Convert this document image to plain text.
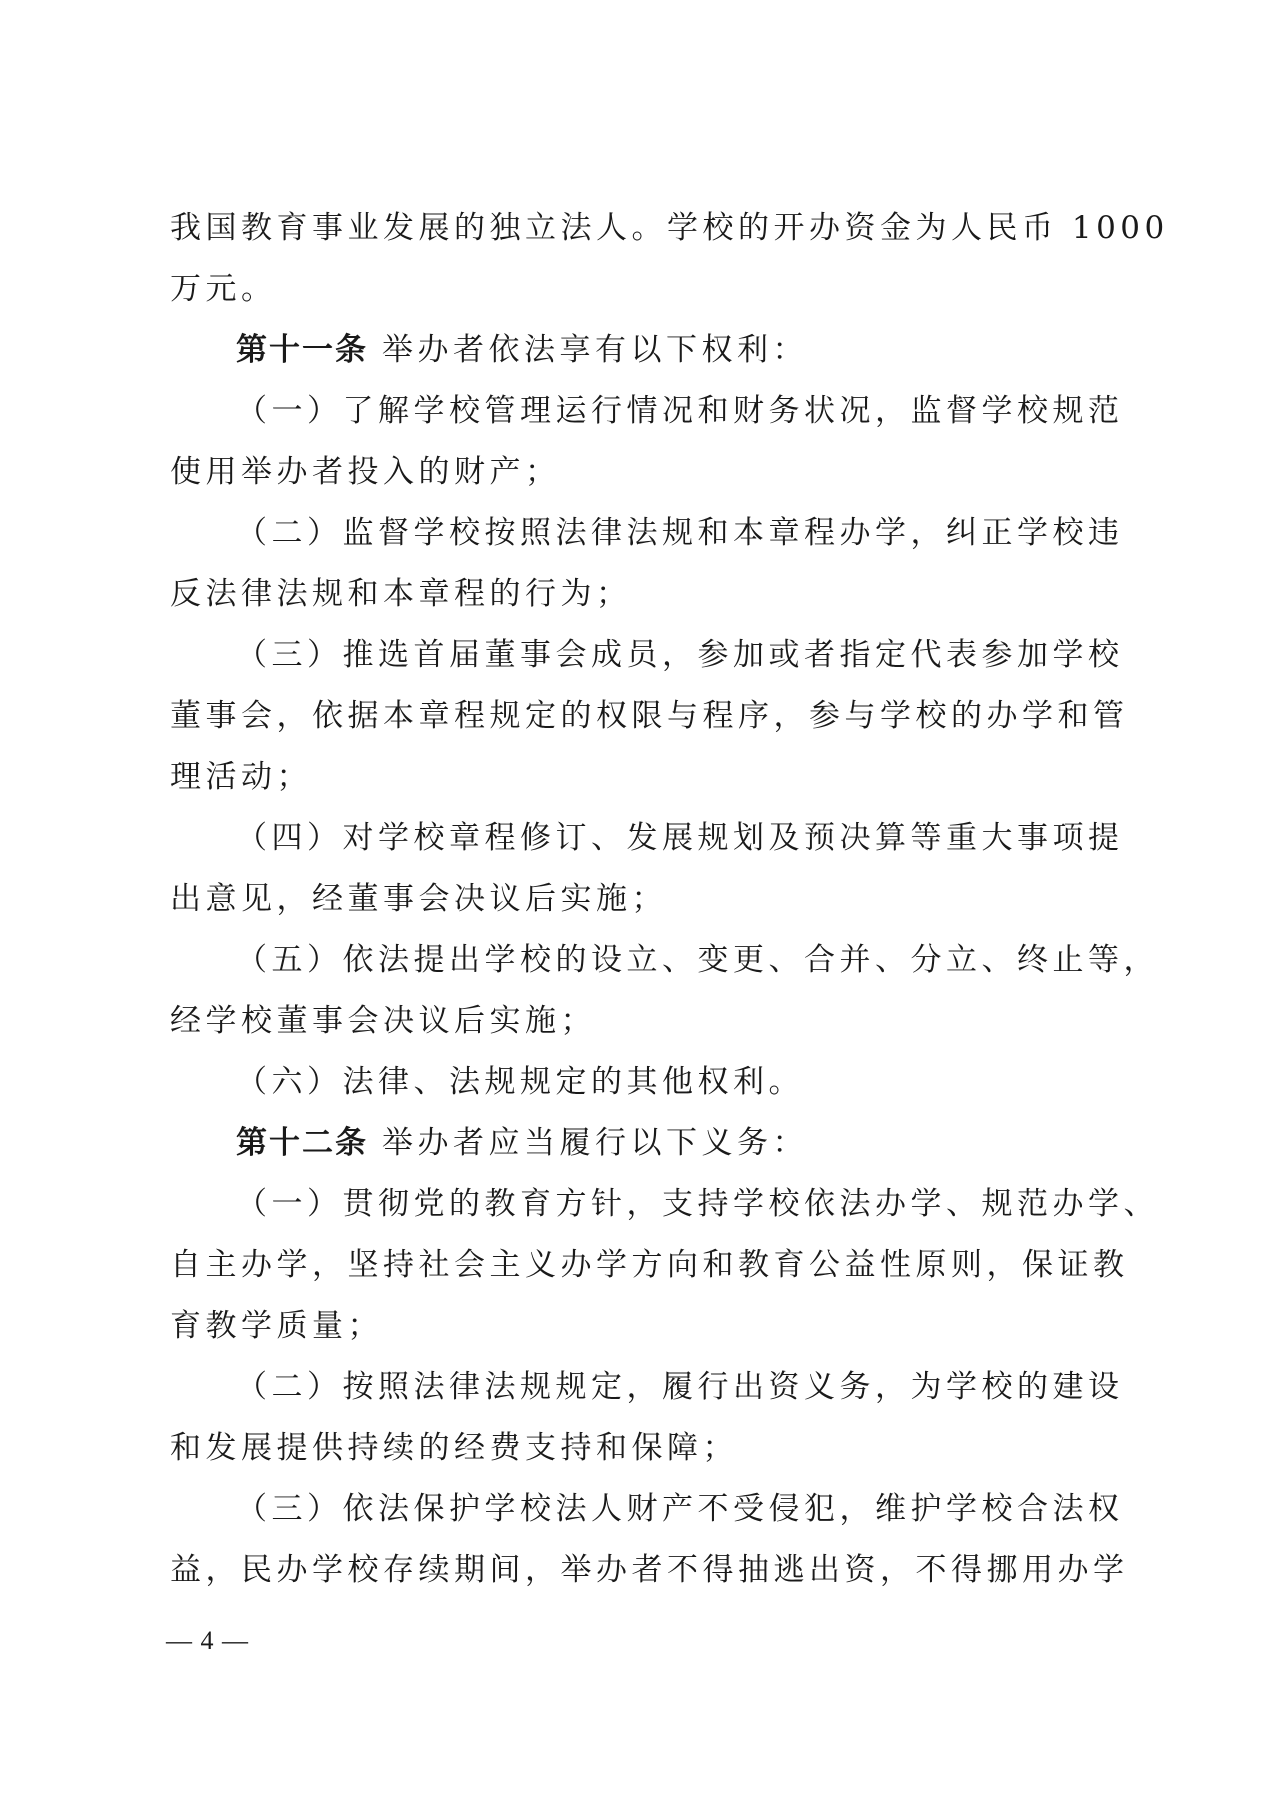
我国教育事业发展的独立法人。学校的开办资金为人民币 1000
万元。
第十一条 举办者依法享有以下权利：
（一）了解学校管理运行情况和财务状况，监督学校规范
使用举办者投入的财产；
（二）监督学校按照法律法规和本章程办学，纠正学校违
反法律法规和本章程的行为；
（三）推选首届董事会成员，参加或者指定代表参加学校
董事会，依据本章程规定的权限与程序，参与学校的办学和管
理活动；
（四）对学校章程修订、发展规划及预决算等重大事项提
出意见，经董事会决议后实施；
（五）依法提出学校的设立、变更、合并、分立、终止等，
经学校董事会决议后实施；
（六）法律、法规规定的其他权利。
第十二条 举办者应当履行以下义务：
（一）贯彻党的教育方针，支持学校依法办学、规范办学、
自主办学，坚持社会主义办学方向和教育公益性原则，保证教
育教学质量；
（二）按照法律法规规定，履行出资义务，为学校的建设
和发展提供持续的经费支持和保障；
（三）依法保护学校法人财产不受侵犯，维护学校合法权
益，民办学校存续期间，举办者不得抽逃出资，不得挪用办学
— 4 —
